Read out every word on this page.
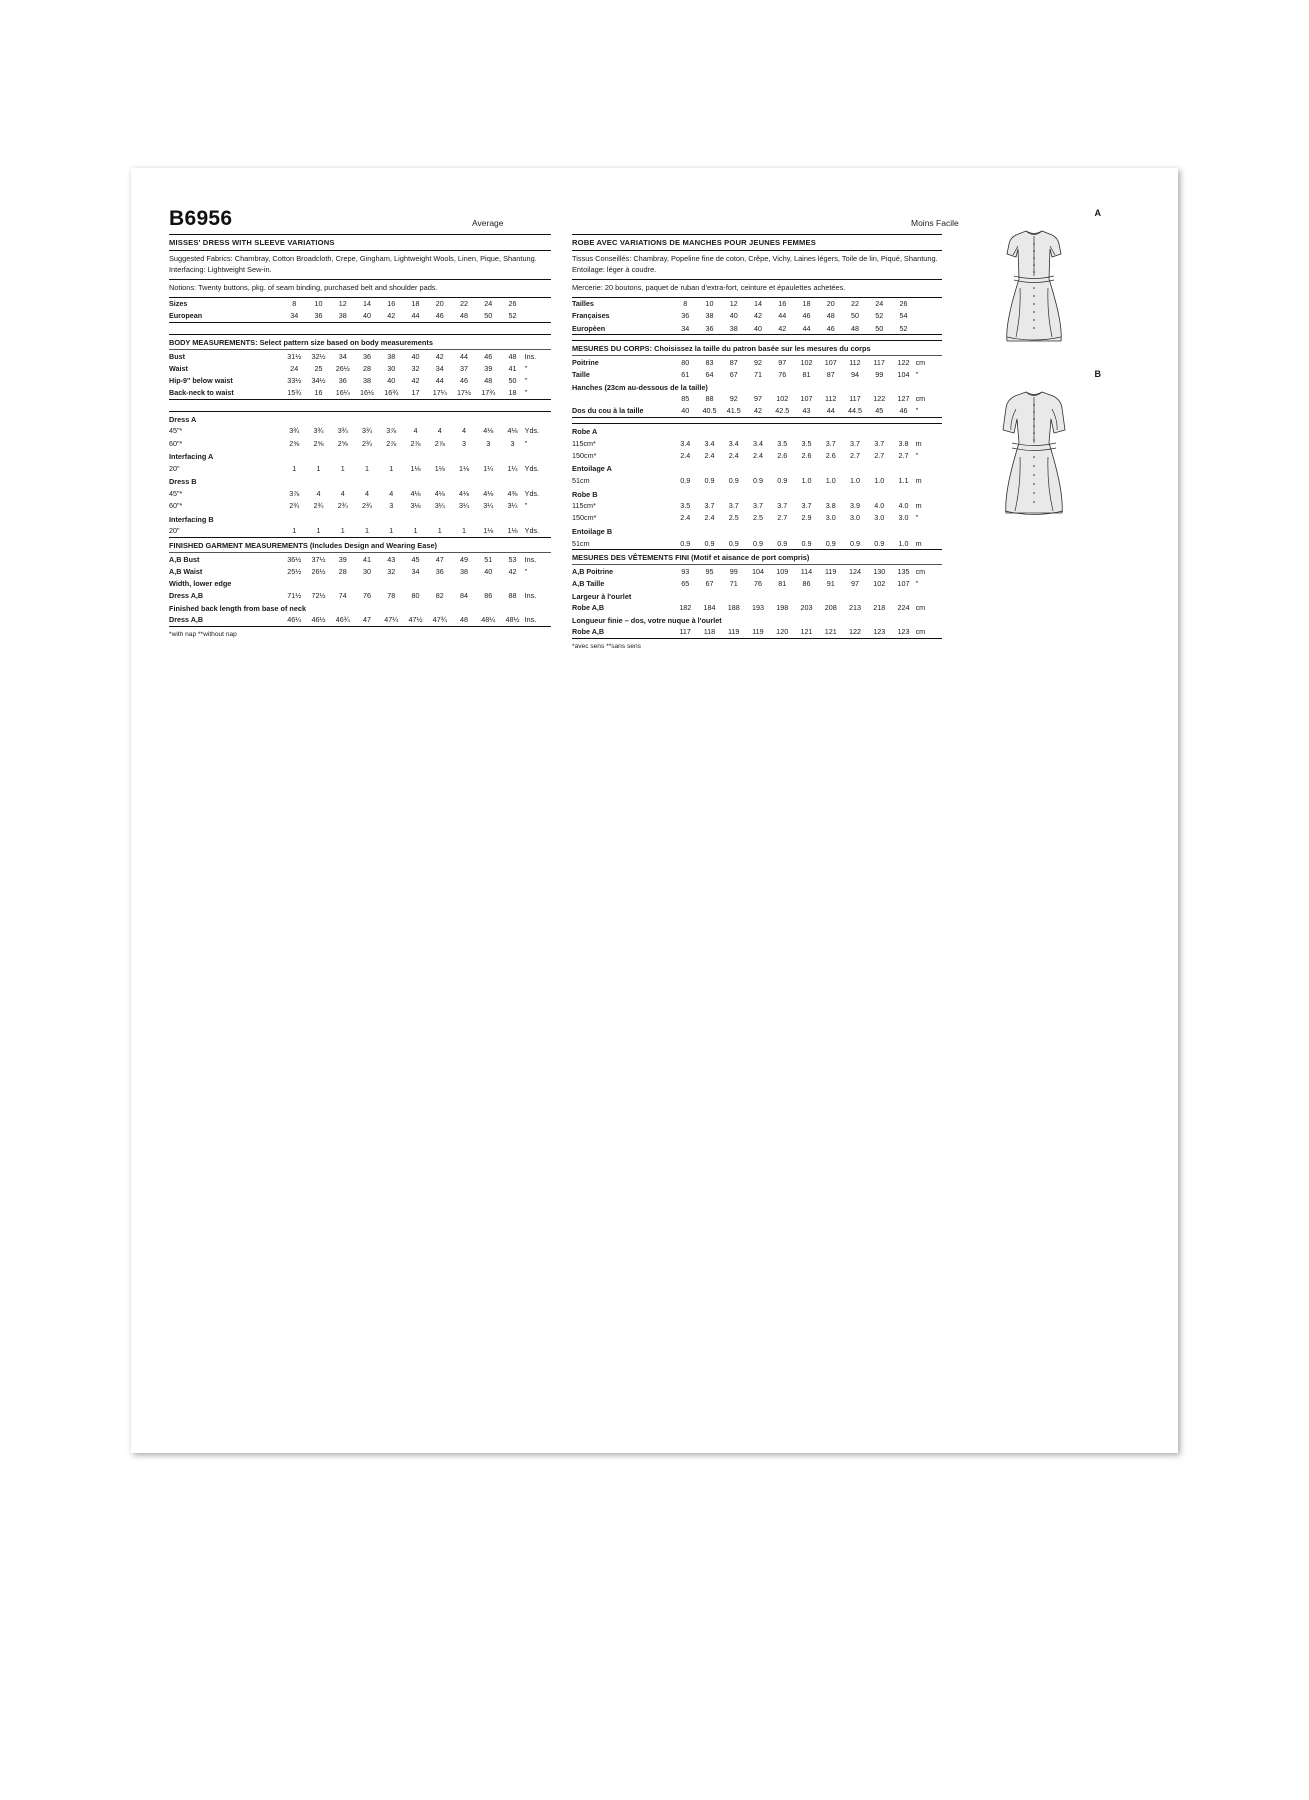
B6956	Average	Moins Facile
MISSES' DRESS WITH SLEEVE VARIATIONS
Suggested Fabrics: Chambray, Cotton Broadcloth, Crepe, Gingham, Lightweight Wools, Linen, Pique, Shantung. Interfacing: Lightweight Sew-in.
Notions: Twenty buttons, pkg. of seam binding, purchased belt and shoulder pads.
Sizes	8	10	12	14	16	18	20	22	24	26	
European	34	36	38	40	42	44	46	48	50	52	
BODY MEASUREMENTS: Select pattern size based on body measurements
Bust	31½	32½	34	36	38	40	42	44	46	48	Ins.
Waist	24	25	26½	28	30	32	34	37	39	41	"
Hip-9" below waist	33½	34½	36	38	40	42	44	46	48	50	"
Back-neck to waist	15¾	16	16¼	16½	16¾	17	17¼	17½	17¾	18	"
Dress A
45"*	3¾	3¾	3¾	3¾	3⅞	4	4	4	4⅛	4⅛	Yds.
60"*	2⅝	2⅝	2⅝	2¾	2⅞	2⅞	2⅞	3	3	3	"
Interfacing A
20"	1	1	1	1	1	1⅛	1⅛	1⅛	1¼	1¼	Yds.
Dress B
45"*	3⅞	4	4	4	4	4⅛	4⅛	4⅛	4⅛	4⅜	Yds.
60"*	2¾	2¾	2¾	2¾	3	3⅛	3¼	3¼	3¼	3¼	"
Interfacing B
20"	1	1	1	1	1	1	1	1	1⅛	1⅛	Yds.
FINISHED GARMENT MEASUREMENTS (Includes Design and Wearing Ease)
A,B Bust	36½	37½	39	41	43	45	47	49	51	53	Ins.
A,B Waist	25½	26½	28	30	32	34	36	38	40	42	"
Width, lower edge
Dress A,B	71½	72½	74	76	78	80	82	84	86	88	Ins.
Finished back length from base of neck
Dress A,B	46¼	46½	46¾	47	47¼	47½	47¾	48	48¼	48½	Ins.
*with nap **without nap
ROBE AVEC VARIATIONS DE MANCHES POUR JEUNES FEMMES
Tissus Conseillés: Chambray, Popeline fine de coton, Crêpe, Vichy, Laines légers, Toile de lin, Piqué, Shantung. Entoilage: léger à coudre.
Mercerie: 20 boutons, paquet de ruban d'extra-fort, ceinture et épaulettes achetées.
Tailles	8	10	12	14	16	18	20	22	24	26	
Françaises	36	38	40	42	44	46	48	50	52	54	
Europèen	34	36	38	40	42	44	46	48	50	52	
MESURES DU CORPS: Choisissez la taille du patron basée sur les mesures du corps
Poitrine	80	83	87	92	97	102	107	112	117	122	cm
Taille	61	64	67	71	76	81	87	94	99	104	"
Hanches (23cm au-dessous de la taille)
	85	88	92	97	102	107	112	117	122	127	cm
Dos du cou à la taille	40	40.5	41.5	42	42.5	43	44	44.5	45	46	"
Robe A
115cm*	3.4	3.4	3.4	3.4	3.5	3.5	3.7	3.7	3.7	3.8	m
150cm*	2.4	2.4	2.4	2.4	2.6	2.6	2.6	2.7	2.7	2.7	"
Entoilage A
51cm	0.9	0.9	0.9	0.9	0.9	1.0	1.0	1.0	1.0	1.1	m
Robe B
115cm*	3.5	3.7	3.7	3.7	3.7	3.7	3.8	3.9	4.0	4.0	m
150cm*	2.4	2.4	2.5	2.5	2.7	2.9	3.0	3.0	3.0	3.0	"
Entoilage B
51cm	0.9	0.9	0.9	0.9	0.9	0.9	0.9	0.9	0.9	1.0	m
MESURES DES VÊTEMENTS FINI (Motif et aisance de port compris)
A,B Poitrine	93	95	99	104	109	114	119	124	130	135	cm
A,B Taille	65	67	71	76	81	86	91	97	102	107	"
Largeur à l'ourlet
Robe A,B	182	184	188	193	198	203	208	213	218	224	cm
Longueur finie – dos, votre nuque à l'ourlet
Robe A,B	117	118	119	119	120	121	121	122	123	123	cm
*avec sens **sans sens
A
B
